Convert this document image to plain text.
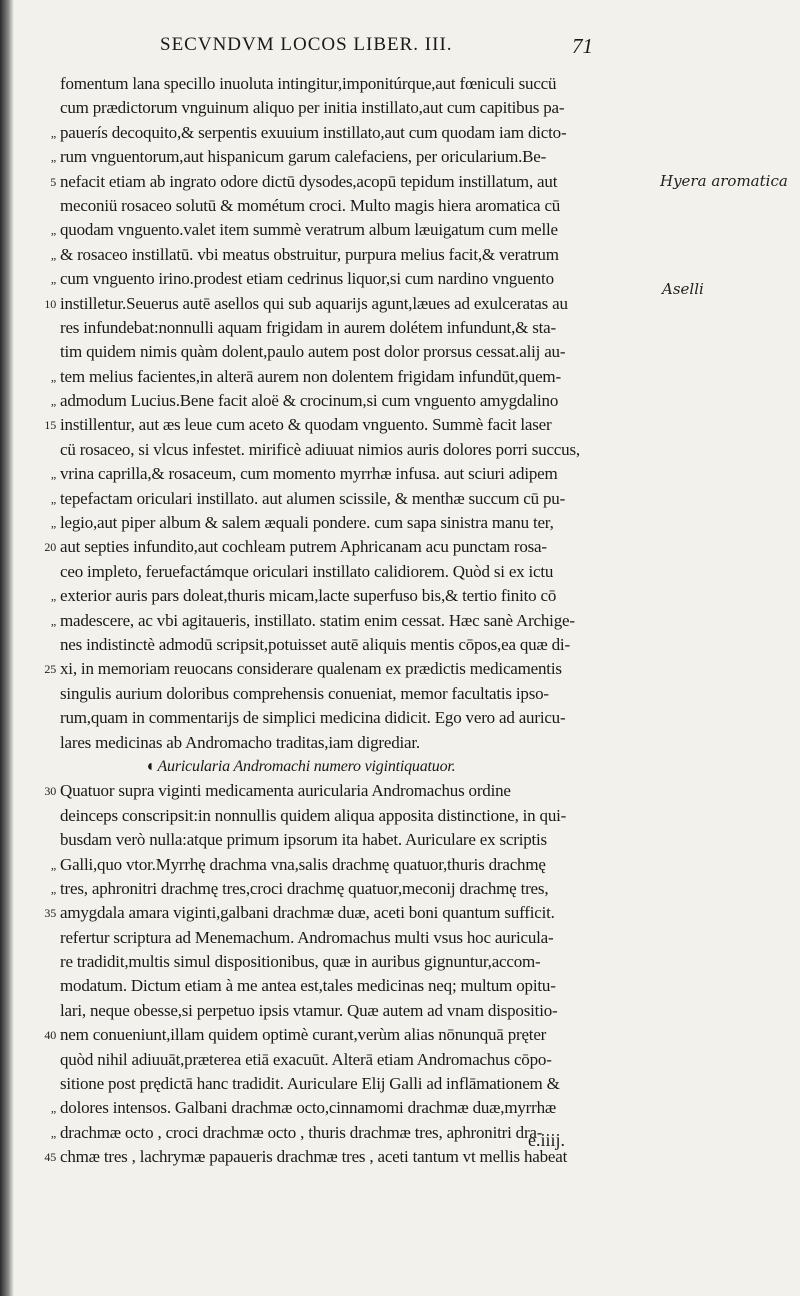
SECVNDVM LOCOS LIBER. III.	71
fomentum lana specillo inuoluta intingitur,imponitúrque,aut fœniculi succü
cum prædictorum vnguinum aliquo per initia instillato,aut cum capitibus pa-
„ pauerís decoquito,& serpentis exuuium instillato,aut cum quodam iam dicto-
„ rum vnguentorum,aut hispanicum garum calefaciens, per oricularium.Be-
5 nefacit etiam ab ingrato odore dictū dysodes,acopū tepidum instillatum, aut
meconiü rosaceo solutū & mométum croci. Multo magis hiera aromatica cū
„ quodam vnguento.valet item summè veratrum album læuigatum cum melle
„ & rosaceo instillatū. vbi meatus obstruitur, purpura melius facit,& veratrum
„ cum vnguento irino.prodest etiam cedrinus liquor,si cum nardino vnguento
10 instilletur.Seuerus autē asellos qui sub aquarijs agunt,læues ad exulceratas au
res infundebat:nonnulli aquam frigidam in aurem dolétem infundunt,& sta-
tim quidem nimis quàm dolent,paulo autem post dolor prorsus cessat.alij au-
„ tem melius facientes,in alterā aurem non dolentem frigidam infundūt,quem-
„ admodum Lucius.Bene facit aloë & crocinum,si cum vnguento amygdalino
15 instillentur, aut æs leue cum aceto & quodam vnguento. Summè facit laser
cü rosaceo, si vlcus infestet. mirificè adiuuat nimios auris dolores porri succus,
„ vrina caprilla,& rosaceum, cum momento myrrhæ infusa. aut sciuri adipem
„ tepefactam oriculari instillato. aut alumen scissile, & menthæ succum cū pu-
„ legio,aut piper album & salem æquali pondere. cum sapa sinistra manu ter,
20 aut septies infundito,aut cochleam putrem Aphricanam acu punctam rosa-
ceo impleto, feruefactámque oriculari instillato calidiorem. Quòd si ex ictu
„ exterior auris pars doleat,thuris micam,lacte superfuso bis,& tertio finito cō
„ madescere, ac vbi agitaueris, instillato. statim enim cessat. Hæc sanè Archige-
nes indistinctè admodū scripsit,potuisset autē aliquis mentis cōpos,ea quæ di-
25 xi, in memoriam reuocans considerare qualenam ex prædictis medicamentis
singulis aurium doloribus comprehensis conueniat, memor facultatis ipso-
rum,quam in commentarijs de simplici medicina didicit. Ego vero ad auricu-
lares medicinas ab Andromacho traditas,iam digrediar.
◖ Auricularia Andromachi numero vigintiquatuor.
30 Quatuor supra viginti medicamenta auricularia Andromachus ordine
deinceps conscripsit:in nonnullis quidem aliqua apposita distinctione, in qui-
busdam verò nulla:atque primum ipsorum ita habet. Auriculare ex scriptis
„ Galli,quo vtor.Myrrhę drachma vna,salis drachmę quatuor,thuris drachmę
„ tres, aphronitri drachmę tres,croci drachmę quatuor,meconij drachmę tres,
35 amygdala amara viginti,galbani drachmæ duæ, aceti boni quantum sufficit.
refertur scriptura ad Menemachum. Andromachus multi vsus hoc auricula-
re tradidit,multis simul dispositionibus, quæ in auribus gignuntur,accom-
modatum. Dictum etiam à me antea est,tales medicinas neq; multum opitu-
lari, neque obesse,si perpetuo ipsis vtamur. Quæ autem ad vnam dispositio-
40 nem conueniunt,illam quidem optimè curant,verùm alias nōnunquā pręter
quòd nihil adiuuāt,præterea etiā exacuūt. Alterā etiam Andromachus cōpo-
sitione post prędictā hanc tradidit. Auriculare Elij Galli ad inflāmationem &
„ dolores intensos. Galbani drachmæ octo,cinnamomi drachmæ duæ,myrrhæ
„ drachmæ octo , croci drachmæ octo , thuris drachmæ tres, aphronitri dra-
45 chmæ tres , lachrymæ papaueris drachmæ tres , aceti tantum vt mellis habeat
e.iiij.
Hyera aromatica
Aselli
